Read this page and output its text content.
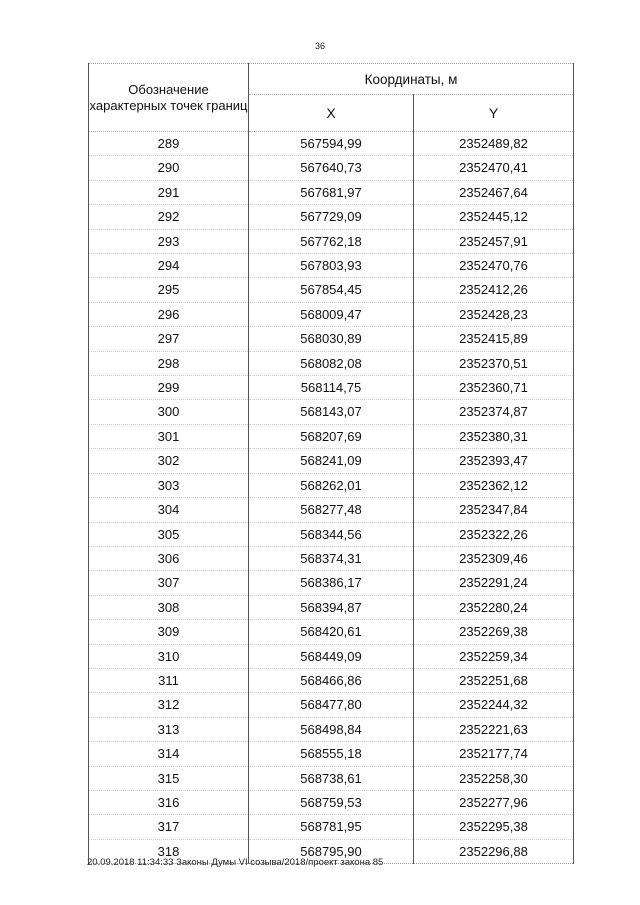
36
Обозначение характерных точек границ	Координаты, м	
	X	Y
289	567594,99	2352489,82
290	567640,73	2352470,41
291	567681,97	2352467,64
292	567729,09	2352445,12
293	567762,18	2352457,91
294	567803,93	2352470,76
295	567854,45	2352412,26
296	568009,47	2352428,23
297	568030,89	2352415,89
298	568082,08	2352370,51
299	568114,75	2352360,71
300	568143,07	2352374,87
301	568207,69	2352380,31
302	568241,09	2352393,47
303	568262,01	2352362,12
304	568277,48	2352347,84
305	568344,56	2352322,26
306	568374,31	2352309,46
307	568386,17	2352291,24
308	568394,87	2352280,24
309	568420,61	2352269,38
310	568449,09	2352259,34
311	568466,86	2352251,68
312	568477,80	2352244,32
313	568498,84	2352221,63
314	568555,18	2352177,74
315	568738,61	2352258,30
316	568759,53	2352277,96
317	568781,95	2352295,38
318	568795,90	2352296,88
20.09.2018 11:34:33 Законы Думы VI созыва/2018/проект закона 85
